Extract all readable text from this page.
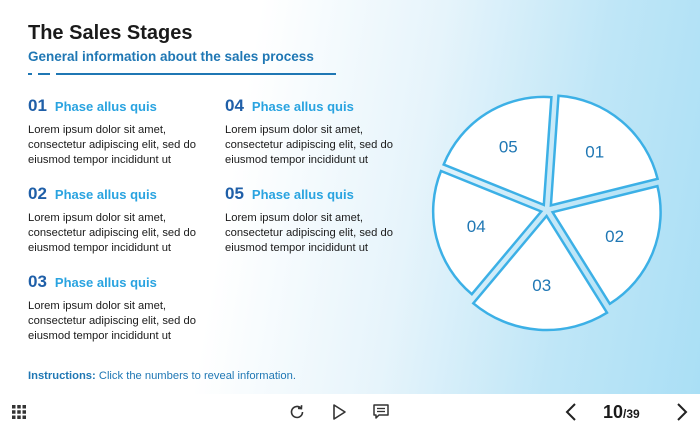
The Sales Stages
General information about the sales process
01 Phase allus quis
Lorem ipsum dolor sit amet, consectetur adipiscing elit, sed do eiusmod tempor incididunt ut
02 Phase allus quis
Lorem ipsum dolor sit amet, consectetur adipiscing elit, sed do eiusmod tempor incididunt ut
03 Phase allus quis
Lorem ipsum dolor sit amet, consectetur adipiscing elit, sed do eiusmod tempor incididunt ut
04 Phase allus quis
Lorem ipsum dolor sit amet, consectetur adipiscing elit, sed do eiusmod tempor incididunt ut
05 Phase allus quis
Lorem ipsum dolor sit amet, consectetur adipiscing elit, sed do eiusmod tempor incididunt ut
01
02
03
04
05
Instructions: Click the numbers to reveal information.
10 /39
